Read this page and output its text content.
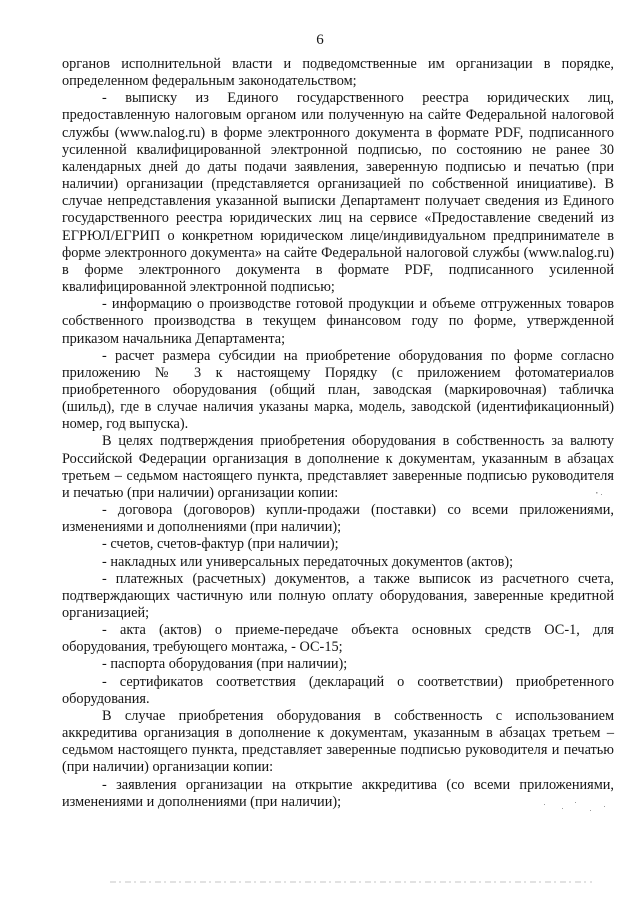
6

органов исполнительной власти и подведомственные им организации в порядке, определенном федеральным законодательством;

- выписку из Единого государственного реестра юридических лиц, предоставленную налоговым органом или полученную на сайте Федеральной налоговой службы (www.nalog.ru) в форме электронного документа в формате PDF, подписанного усиленной квалифицированной электронной подписью, по состоянию не ранее 30 календарных дней до даты подачи заявления, заверенную подписью и печатью (при наличии) организации (представляется организацией по собственной инициативе). В случае непредставления указанной выписки Департамент получает сведения из Единого государственного реестра юридических лиц на сервисе «Предоставление сведений из ЕГРЮЛ/ЕГРИП о конкретном юридическом лице/индивидуальном предпринимателе в форме электронного документа» на сайте Федеральной налоговой службы (www.nalog.ru) в форме электронного документа в формате PDF, подписанного усиленной квалифицированной электронной подписью;

- информацию о производстве готовой продукции и объеме отгруженных товаров собственного производства в текущем финансовом году по форме, утвержденной приказом начальника Департамента;

- расчет размера субсидии на приобретение оборудования по форме согласно приложению № 3 к настоящему Порядку (с приложением фотоматериалов приобретенного оборудования (общий план, заводская (маркировочная) табличка (шильд), где в случае наличия указаны марка, модель, заводской (идентификационный) номер, год выпуска).

В целях подтверждения приобретения оборудования в собственность за валюту Российской Федерации организация в дополнение к документам, указанным в абзацах третьем – седьмом настоящего пункта, представляет заверенные подписью руководителя и печатью (при наличии) организации копии:

- договора (договоров) купли-продажи (поставки) со всеми приложениями, изменениями и дополнениями (при наличии);

- счетов, счетов-фактур (при наличии);

- накладных или универсальных передаточных документов (актов);

- платежных (расчетных) документов, а также выписок из расчетного счета, подтверждающих частичную или полную оплату оборудования, заверенные кредитной организацией;

- акта (актов) о приеме-передаче объекта основных средств ОС-1, для оборудования, требующего монтажа, - ОС-15;

- паспорта оборудования (при наличии);

- сертификатов соответствия (деклараций о соответствии) приобретенного оборудования.

В случае приобретения оборудования в собственность с использованием аккредитива организация в дополнение к документам, указанным в абзацах третьем – седьмом настоящего пункта, представляет заверенные подписью руководителя и печатью (при наличии) организации копии:

- заявления организации на открытие аккредитива (со всеми приложениями, изменениями и дополнениями (при наличии);
